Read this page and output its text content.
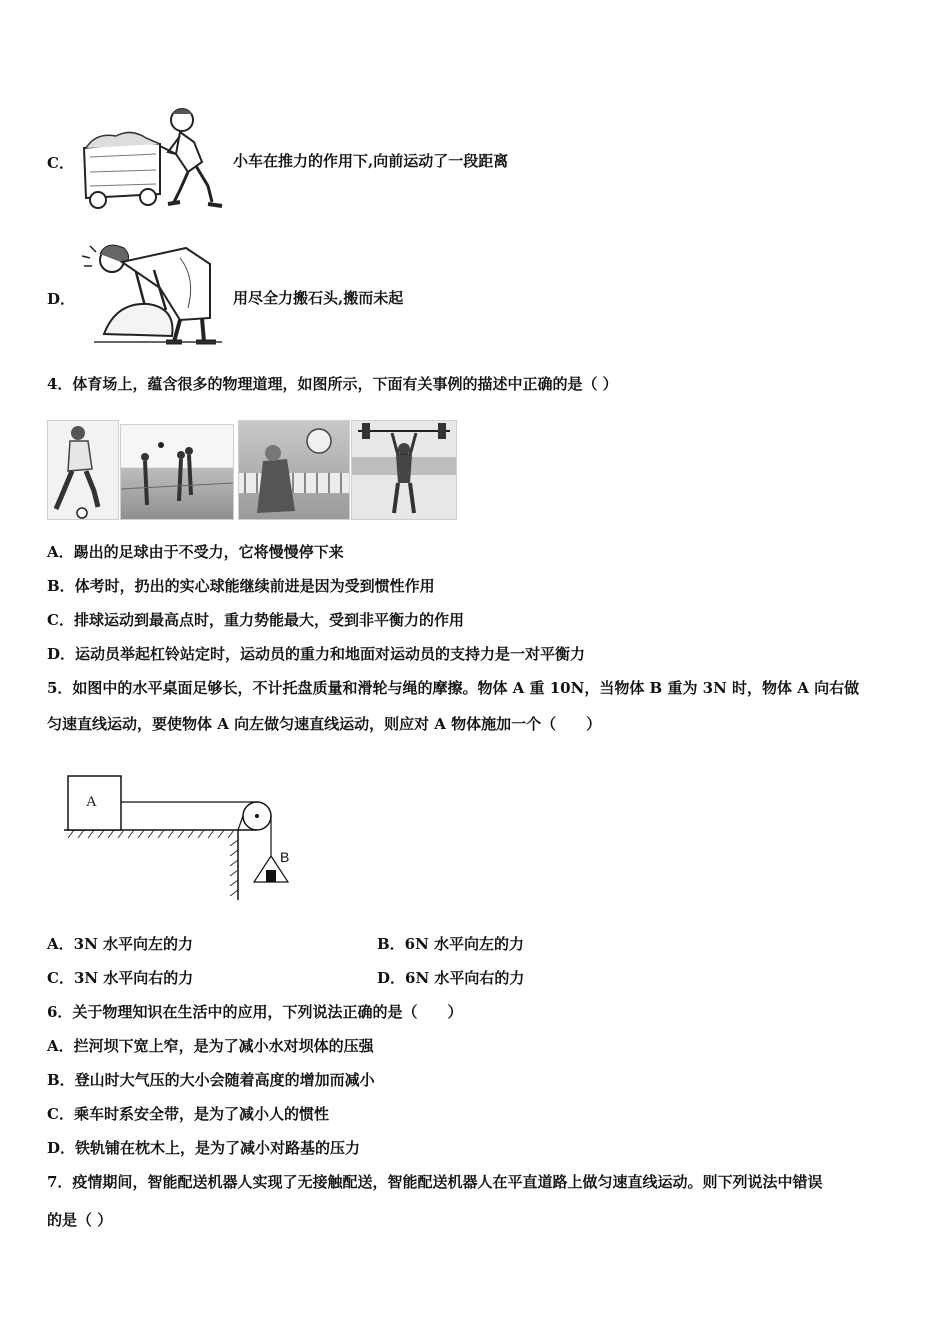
C．	小车在推力的作用下,向前运动了一段距离
D．	用尽全力搬石头,搬而未起
4．体育场上，蕴含很多的物理道理，如图所示，下面有关事例的描述中正确的是（ ）
A．踢出的足球由于不受力，它将慢慢停下来
B．体考时，扔出的实心球能继续前进是因为受到惯性作用
C．排球运动到最高点时，重力势能最大，受到非平衡力的作用
D．运动员举起杠铃站定时，运动员的重力和地面对运动员的支持力是一对平衡力
5．如图中的水平桌面足够长，不计托盘质量和滑轮与绳的摩擦。物体 A 重 10N，当物体 B 重为 3N 时，物体 A 向右做
匀速直线运动，要使物体 A 向左做匀速直线运动，则应对 A 物体施加一个（　　）
A
B
A．3N 水平向左的力	B．6N 水平向左的力
C．3N 水平向右的力	D．6N 水平向右的力
6．关于物理知识在生活中的应用，下列说法正确的是（　　）
A．拦河坝下宽上窄，是为了减小水对坝体的压强
B．登山时大气压的大小会随着高度的增加而减小
C．乘车时系安全带，是为了减小人的惯性
D．铁轨铺在枕木上，是为了减小对路基的压力
7．疫情期间，智能配送机器人实现了无接触配送，智能配送机器人在平直道路上做匀速直线运动。则下列说法中错误
的是（ ）
